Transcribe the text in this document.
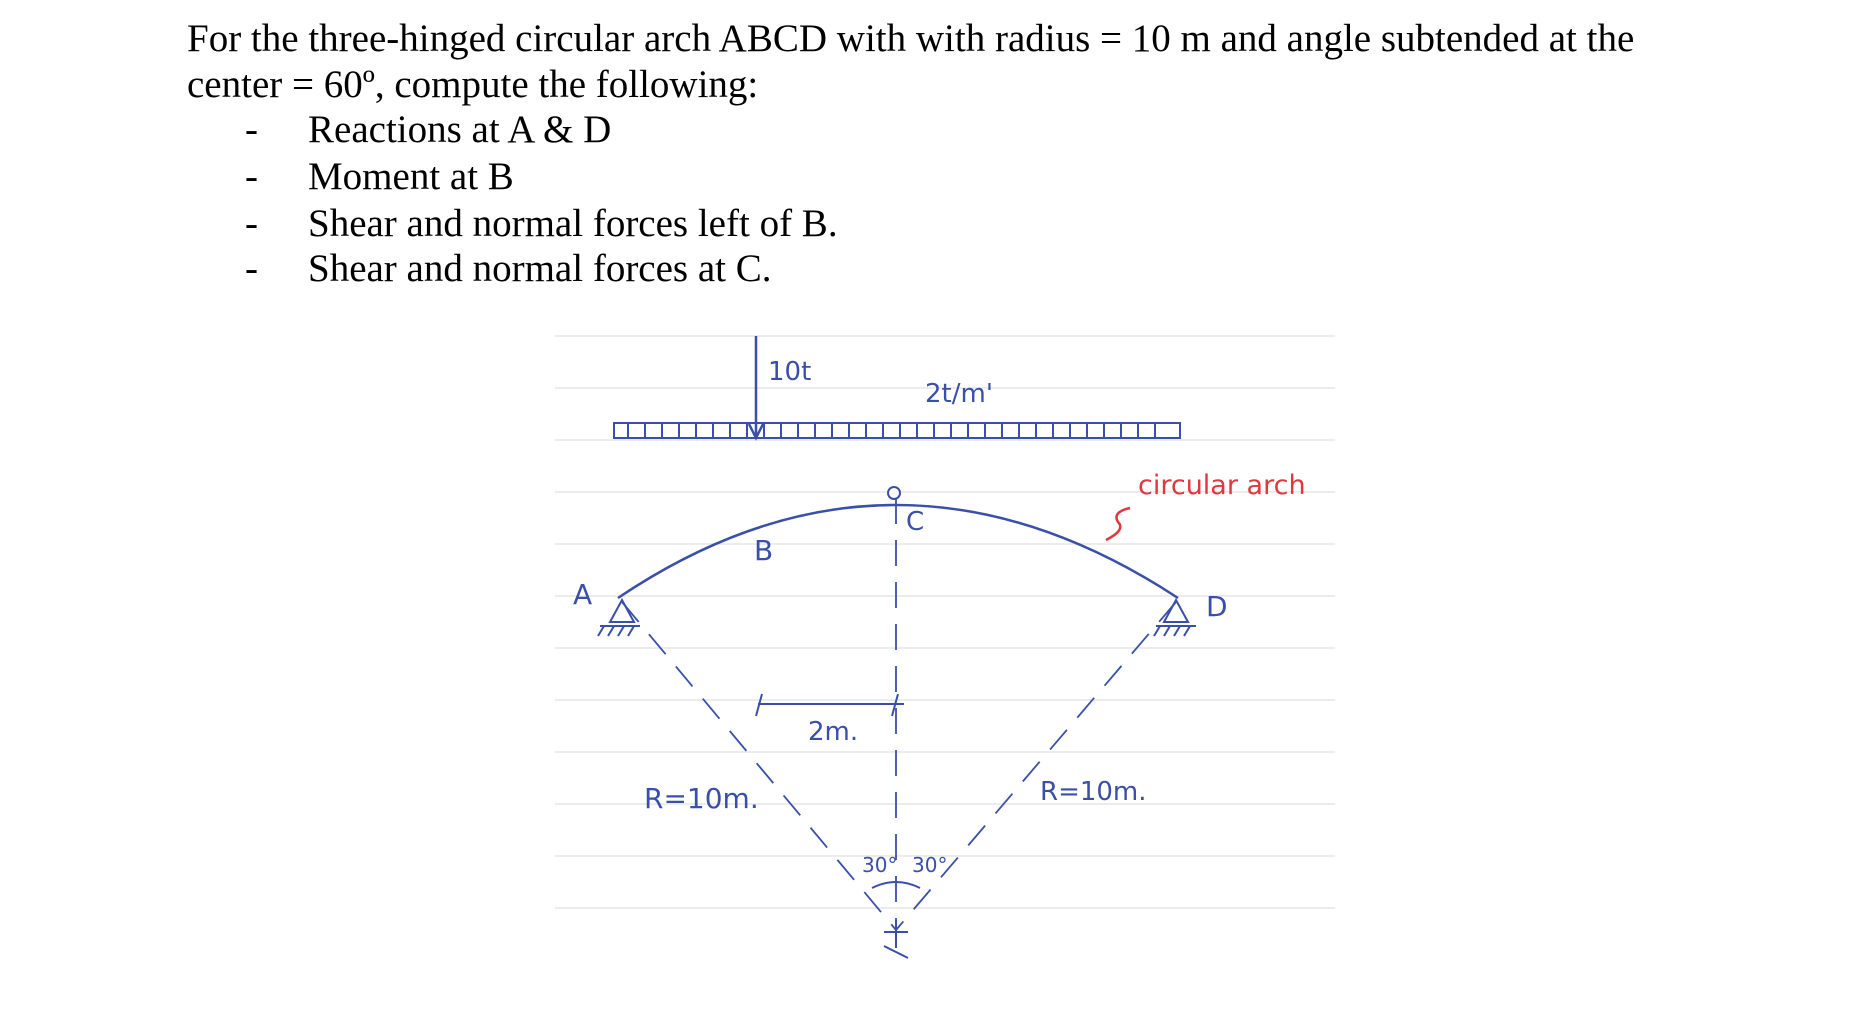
For the three-hinged circular arch ABCD with with radius = 10 m and angle subtended at the
center = 60º, compute the following:

- Reactions at A & D
- Moment at B
- Shear and normal forces left of B.
- Shear and normal forces at C.
10t
2t/m'
A
B
C
D
2m.
R=10m.	R=10m.
30° 30°
circular arch
